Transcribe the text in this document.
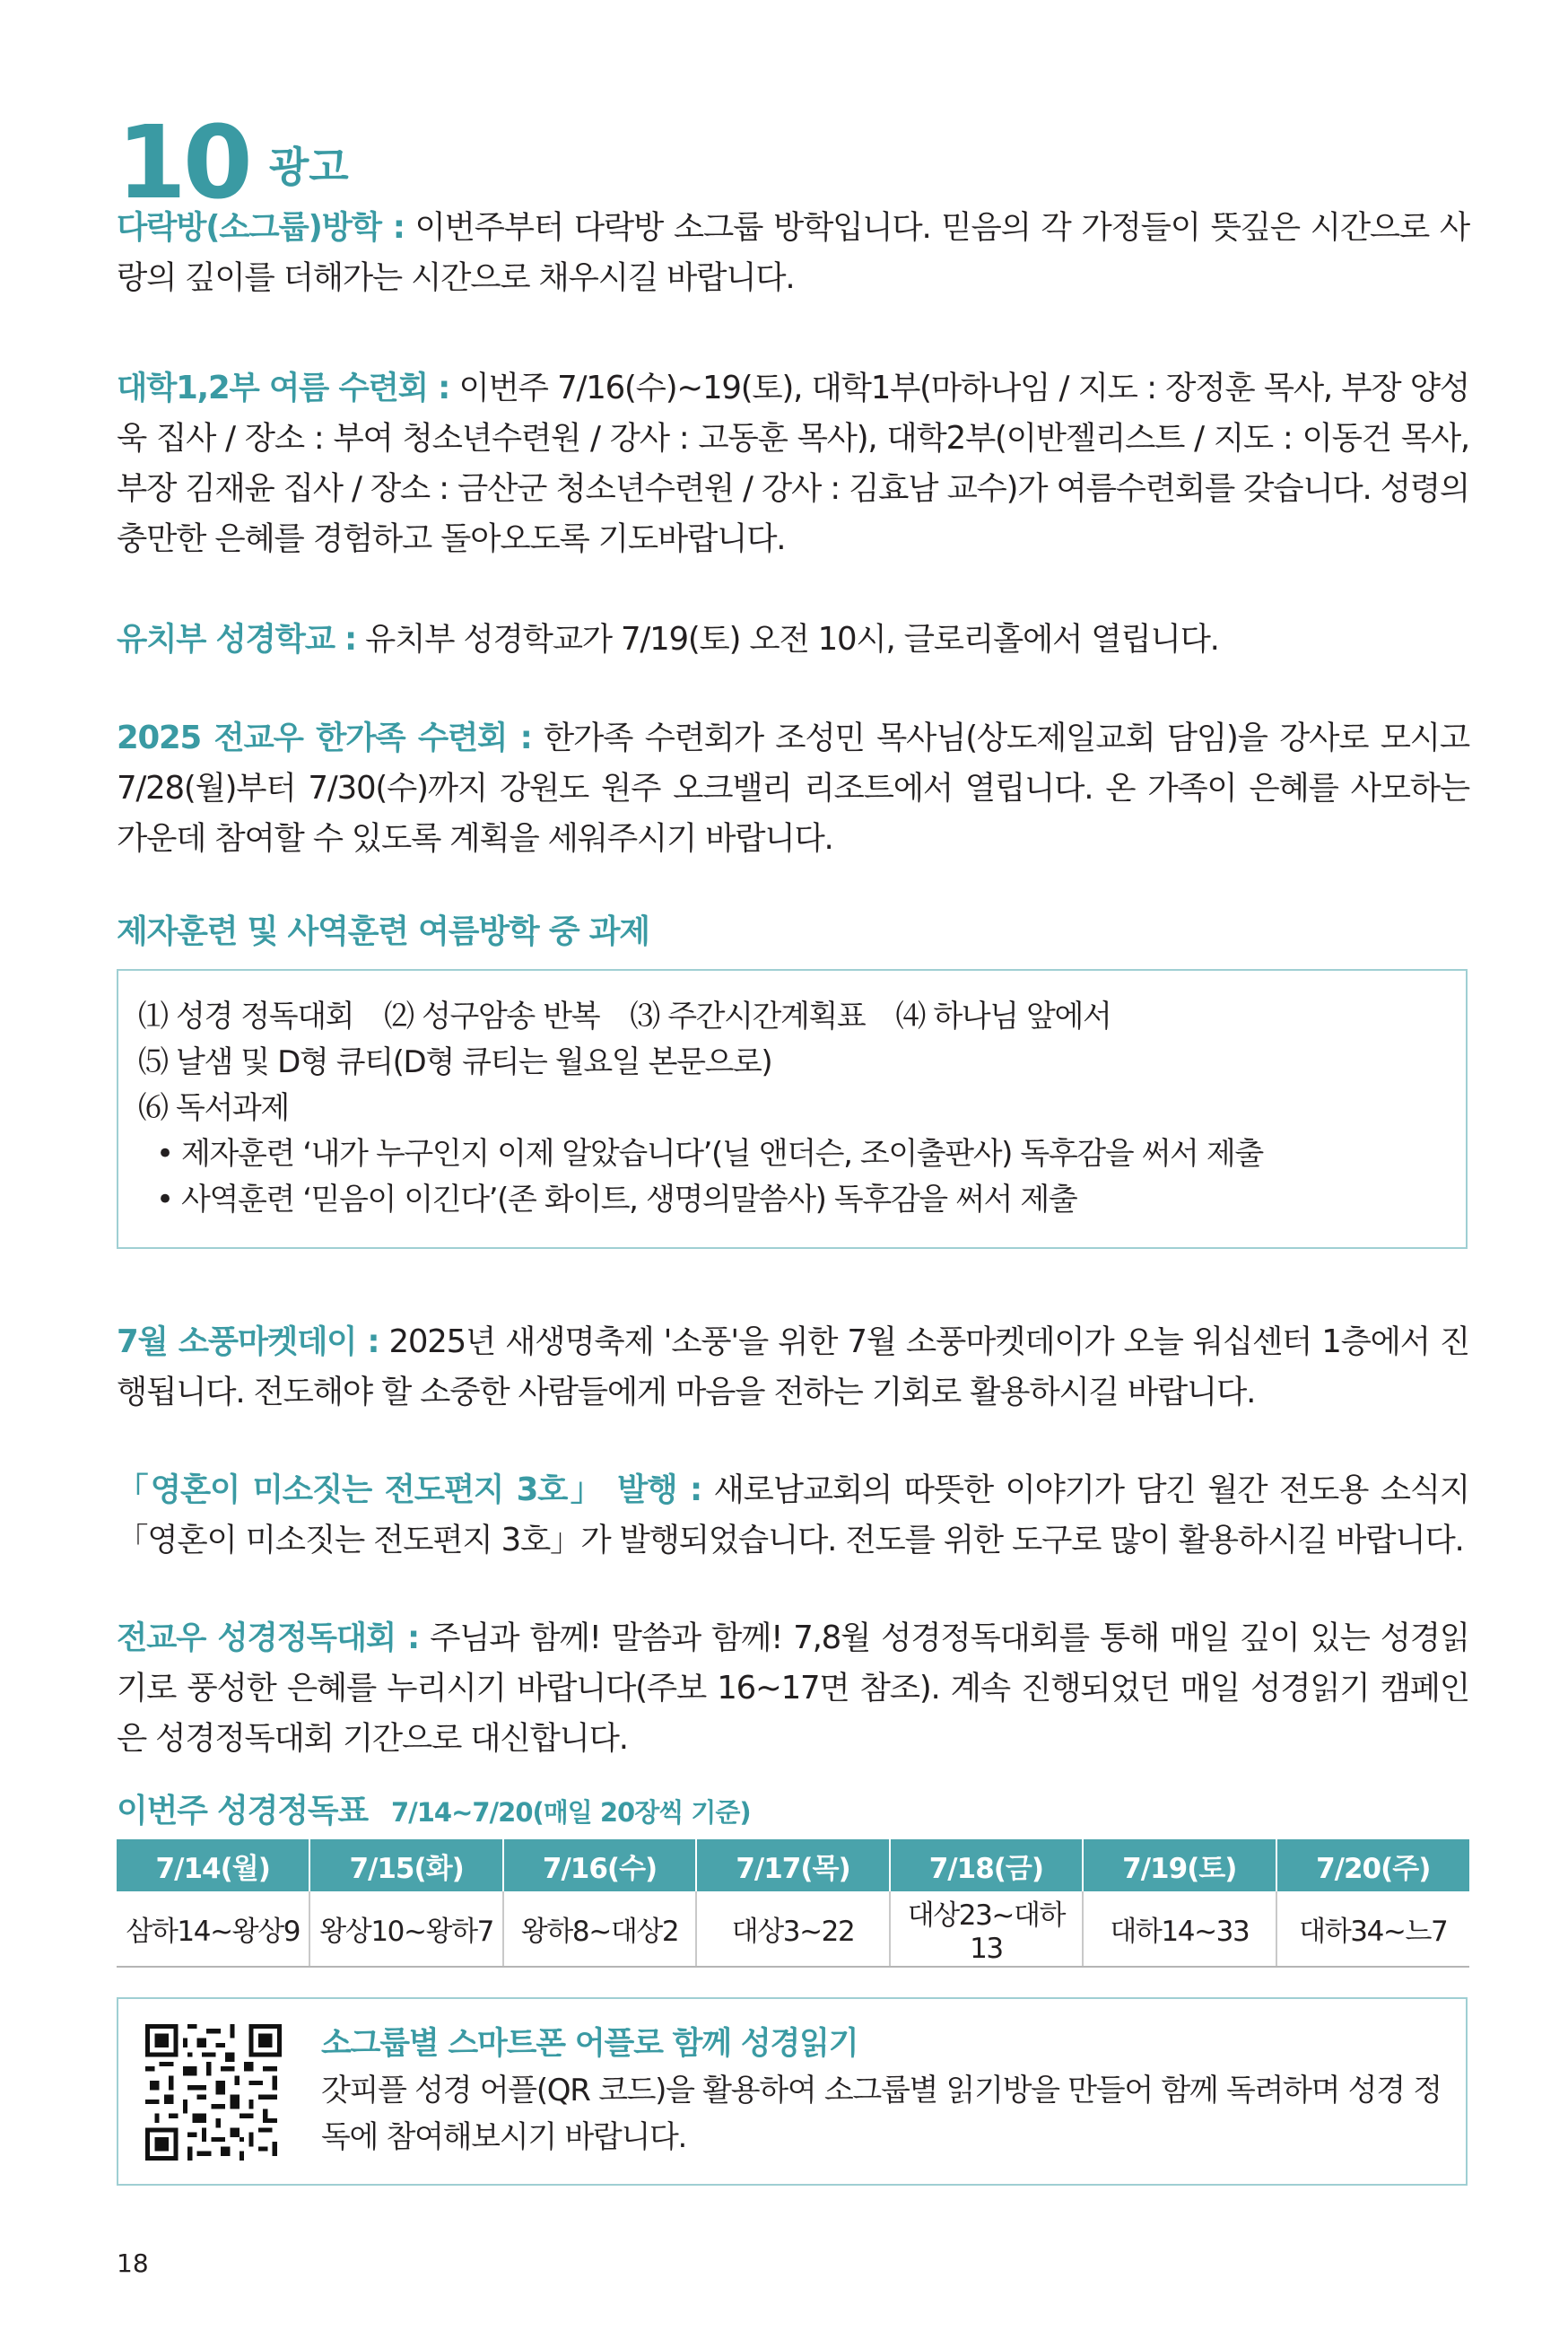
10 광고

다락방(소그룹)방학 : 이번주부터 다락방 소그룹 방학입니다. 믿음의 각 가정들이 뜻깊은 시간으로 사랑의 깊이를 더해가는 시간으로 채우시길 바랍니다.

대학1,2부 여름 수련회 : 이번주 7/16(수)~19(토), 대학1부(마하나임 / 지도 : 장정훈 목사, 부장 양성욱 집사 / 장소 : 부여 청소년수련원 / 강사 : 고동훈 목사), 대학2부(이반젤리스트 / 지도 : 이동건 목사, 부장 김재윤 집사 / 장소 : 금산군 청소년수련원 / 강사 : 김효남 교수)가 여름수련회를 갖습니다. 성령의 충만한 은혜를 경험하고 돌아오도록 기도바랍니다.

유치부 성경학교 : 유치부 성경학교가 7/19(토) 오전 10시, 글로리홀에서 열립니다.

2025 전교우 한가족 수련회 : 한가족 수련회가 조성민 목사님(상도제일교회 담임)을 강사로 모시고 7/28(월)부터 7/30(수)까지 강원도 원주 오크밸리 리조트에서 열립니다. 온 가족이 은혜를 사모하는 가운데 참여할 수 있도록 계획을 세워주시기 바랍니다.

제자훈련 및 사역훈련 여름방학 중 과제
⑴ 성경 정독대회 ⑵ 성구암송 반복 ⑶ 주간시간계획표 ⑷ 하나님 앞에서
⑸ 날샘 및 D형 큐티(D형 큐티는 월요일 본문으로)
⑹ 독서과제
• 제자훈련 ‘내가 누구인지 이제 알았습니다’(닐 앤더슨, 조이출판사) 독후감을 써서 제출
• 사역훈련 ‘믿음이 이긴다’(존 화이트, 생명의말씀사) 독후감을 써서 제출

7월 소풍마켓데이 : 2025년 새생명축제 '소풍'을 위한 7월 소풍마켓데이가 오늘 워십센터 1층에서 진행됩니다. 전도해야 할 소중한 사람들에게 마음을 전하는 기회로 활용하시길 바랍니다.

「영혼이 미소짓는 전도편지 3호」 발행 : 새로남교회의 따뜻한 이야기가 담긴 월간 전도용 소식지 「영혼이 미소짓는 전도편지 3호」가 발행되었습니다. 전도를 위한 도구로 많이 활용하시길 바랍니다.

전교우 성경정독대회 : 주님과 함께! 말씀과 함께! 7,8월 성경정독대회를 통해 매일 깊이 있는 성경읽기로 풍성한 은혜를 누리시기 바랍니다(주보 16~17면 참조). 계속 진행되었던 매일 성경읽기 캠페인은 성경정독대회 기간으로 대신합니다.

이번주 성경정독표 7/14~7/20(매일 20장씩 기준)
7/14(월)	7/15(화)	7/16(수)	7/17(목)	7/18(금)	7/19(토)	7/20(주)
삼하14~왕상9	왕상10~왕하7	왕하8~대상2	대상3~22	대상23~대하13	대하14~33	대하34~느7
소그룹별 스마트폰 어플로 함께 성경읽기
갓피플 성경 어플(QR 코드)을 활용하여 소그룹별 읽기방을 만들어 함께 독려하며 성경 정독에 참여해보시기 바랍니다.
18
